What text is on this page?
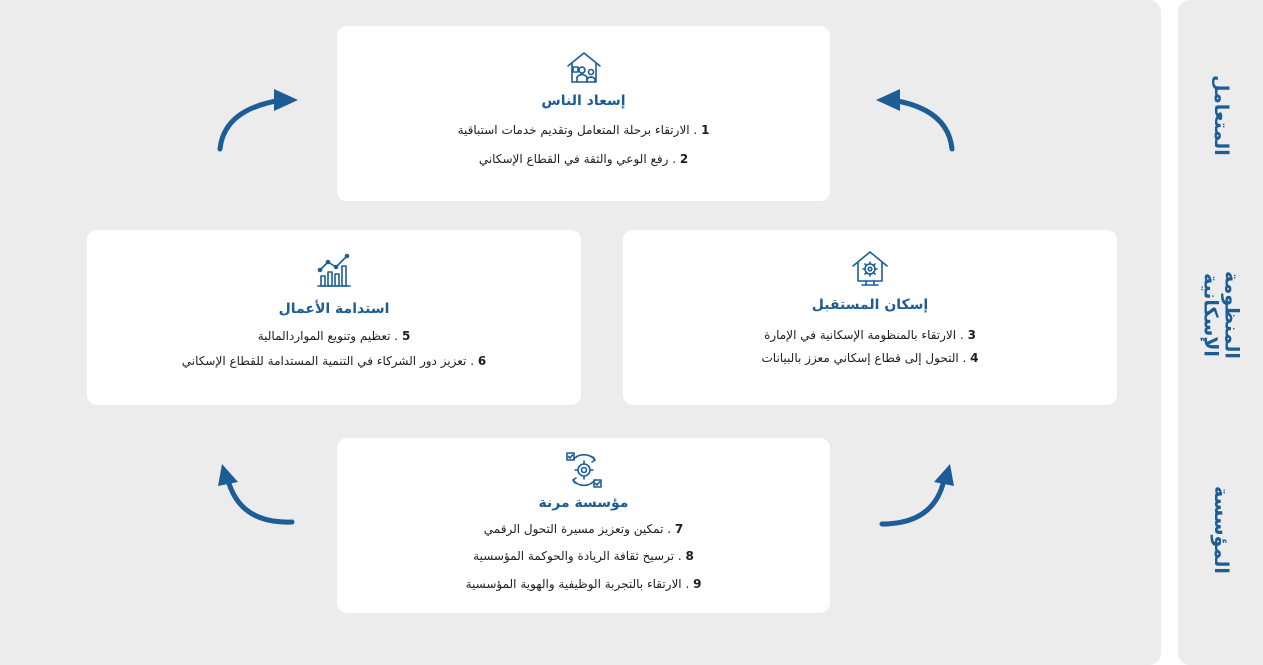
إسعاد الناس
1 . الارتقاء برحلة المتعامل وتقديم خدمات استباقية
2 . رفع الوعي والثقة في القطاع الإسكاني
استدامة الأعمال
5 . تعظيم وتنويع المواردالمالية
6 . تعزيز دور الشركاء في التنمية المستدامة للقطاع الإسكاني
إسكان المستقبل
3 . الارتقاء بالمنظومة الإسكانية في الإمارة
4 . التحول إلى قطاع إسكاني معزز بالبيانات
مؤسسة مرنة
7 . تمكين وتعزيز مسيرة التحول الرقمي
8 . ترسيخ ثقافة الريادة والحوكمة المؤسسية
9 . الارتقاء بالتجربة الوظيفية والهوية المؤسسية
المتعامل
المنظومة
الإسكانية
المؤسسة
